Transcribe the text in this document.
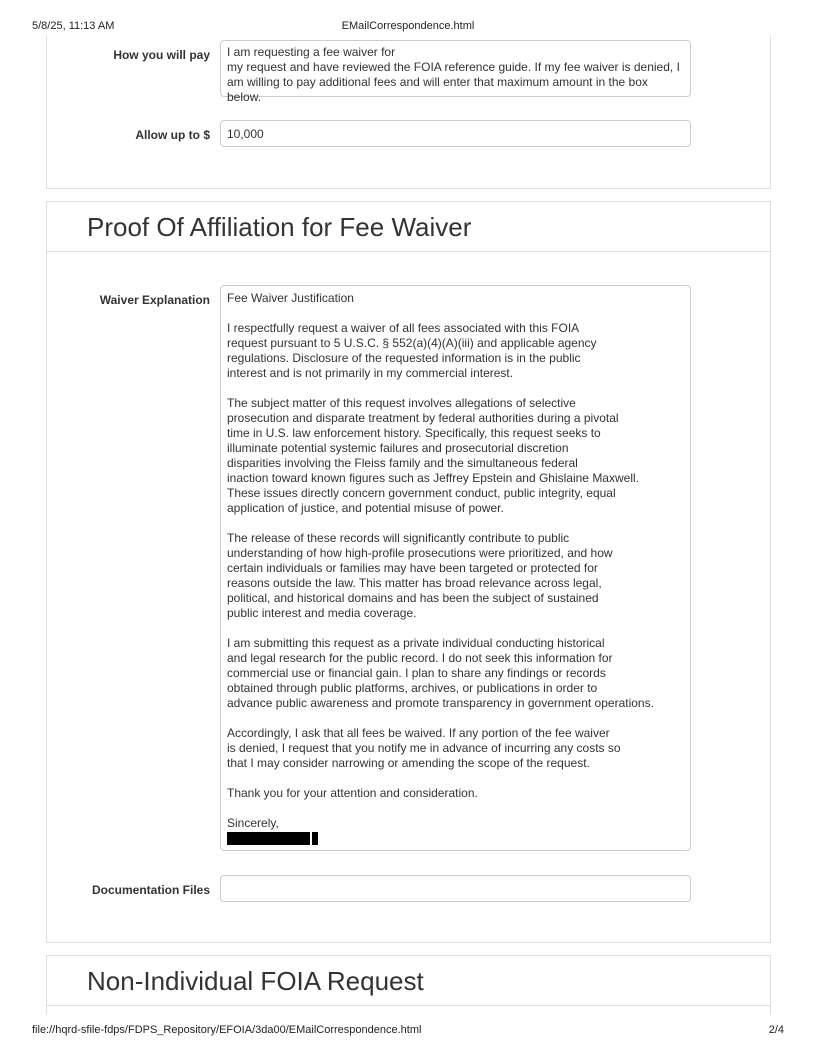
5/8/25, 11:13 AM	EMailCorrespondence.html
How you will pay I am requesting a fee waiver for

my request and have reviewed the FOIA reference guide. If my fee waiver is denied, I am willing to pay additional fees and will enter that maximum amount in the box below.

Allow up to $	10,000
Proof Of Affiliation for Fee Waiver
Waiver Explanation	Fee Waiver Justification

I respectfully request a waiver of all fees associated with this FOIA
request pursuant to 5 U.S.C. § 552(a)(4)(A)(iii) and applicable agency
regulations. Disclosure of the requested information is in the public
interest and is not primarily in my commercial interest.

The subject matter of this request involves allegations of selective
prosecution and disparate treatment by federal authorities during a pivotal
time in U.S. law enforcement history. Specifically, this request seeks to
illuminate potential systemic failures and prosecutorial discretion
disparities involving the Fleiss family and the simultaneous federal
inaction toward known figures such as Jeffrey Epstein and Ghislaine Maxwell.
These issues directly concern government conduct, public integrity, equal
application of justice, and potential misuse of power.

The release of these records will significantly contribute to public
understanding of how high-profile prosecutions were prioritized, and how
certain individuals or families may have been targeted or protected for
reasons outside the law. This matter has broad relevance across legal,
political, and historical domains and has been the subject of sustained
public interest and media coverage.

I am submitting this request as a private individual conducting historical
and legal research for the public record. I do not seek this information for
commercial use or financial gain. I plan to share any findings or records
obtained through public platforms, archives, or publications in order to
advance public awareness and promote transparency in government operations.

Accordingly, I ask that all fees be waived. If any portion of the fee waiver
is denied, I request that you notify me in advance of incurring any costs so
that I may consider narrowing or amending the scope of the request.

Thank you for your attention and consideration.

Sincerely,

Documentation Files
Non-Individual FOIA Request
file://hqrd-sfile-fdps/FDPS_Repository/EFOIA/3da00/EMailCorrespondence.html	2/4
